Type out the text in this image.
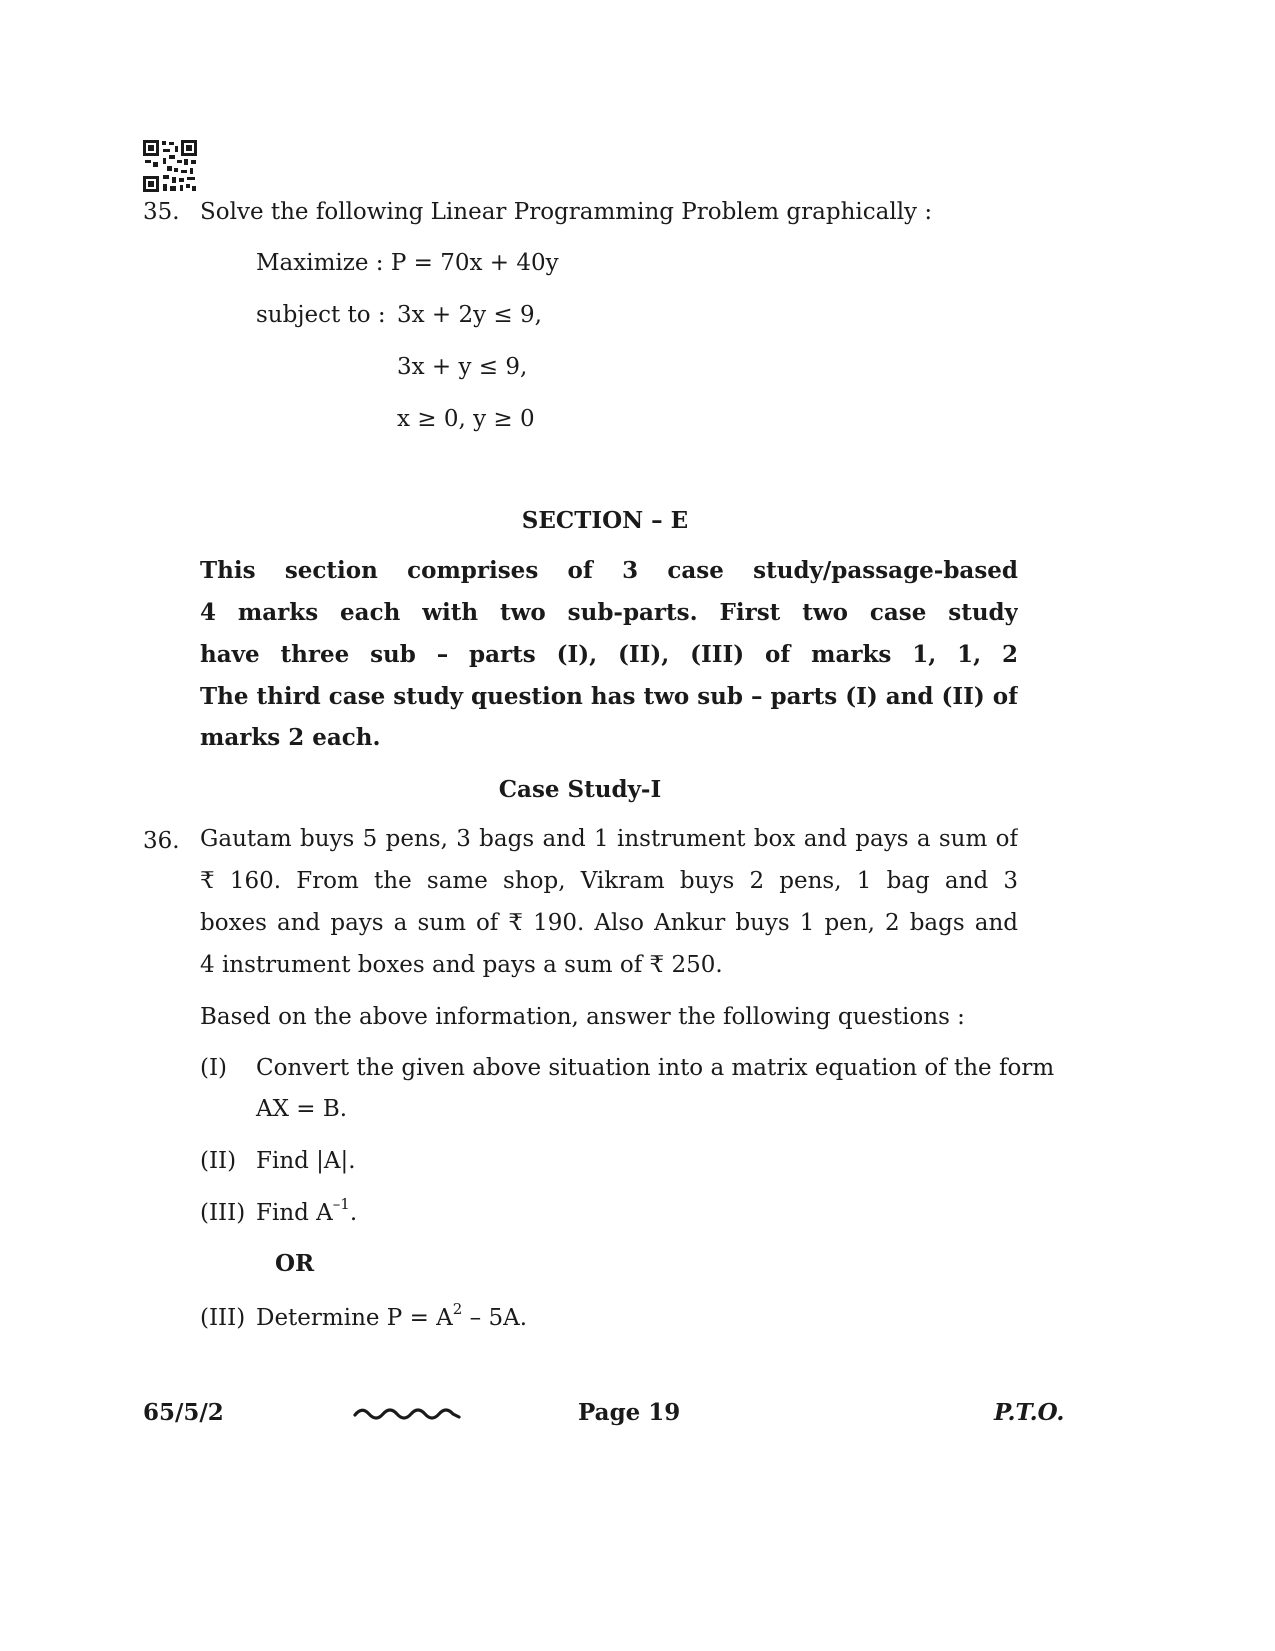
35. Solve the following Linear Programming Problem graphically :
Maximize : P = 70x + 40y
subject to : 3x + 2y ≤ 9,
3x + y ≤ 9,
x ≥ 0, y ≥ 0
SECTION – E
This section comprises of 3 case study/passage-based
4 marks each with two sub-parts. First two case study
have three sub – parts (I), (II), (III) of marks 1, 1, 2
The third case study question has two sub – parts (I) and (II) of
marks 2 each.
Case Study-I
36. Gautam buys 5 pens, 3 bags and 1 instrument box and pays a sum of
₹ 160. From the same shop, Vikram buys 2 pens, 1 bag and 3
boxes and pays a sum of ₹ 190. Also Ankur buys 1 pen, 2 bags and
4 instrument boxes and pays a sum of ₹ 250.
Based on the above information, answer the following questions :
(I) Convert the given above situation into a matrix equation of the form
AX = B.
(II) Find |A|.
(III) Find $A^{-1}$.
OR
(III) Determine $P = A^2 - 5A$.
65/5/2	Page 19	P.T.O.
